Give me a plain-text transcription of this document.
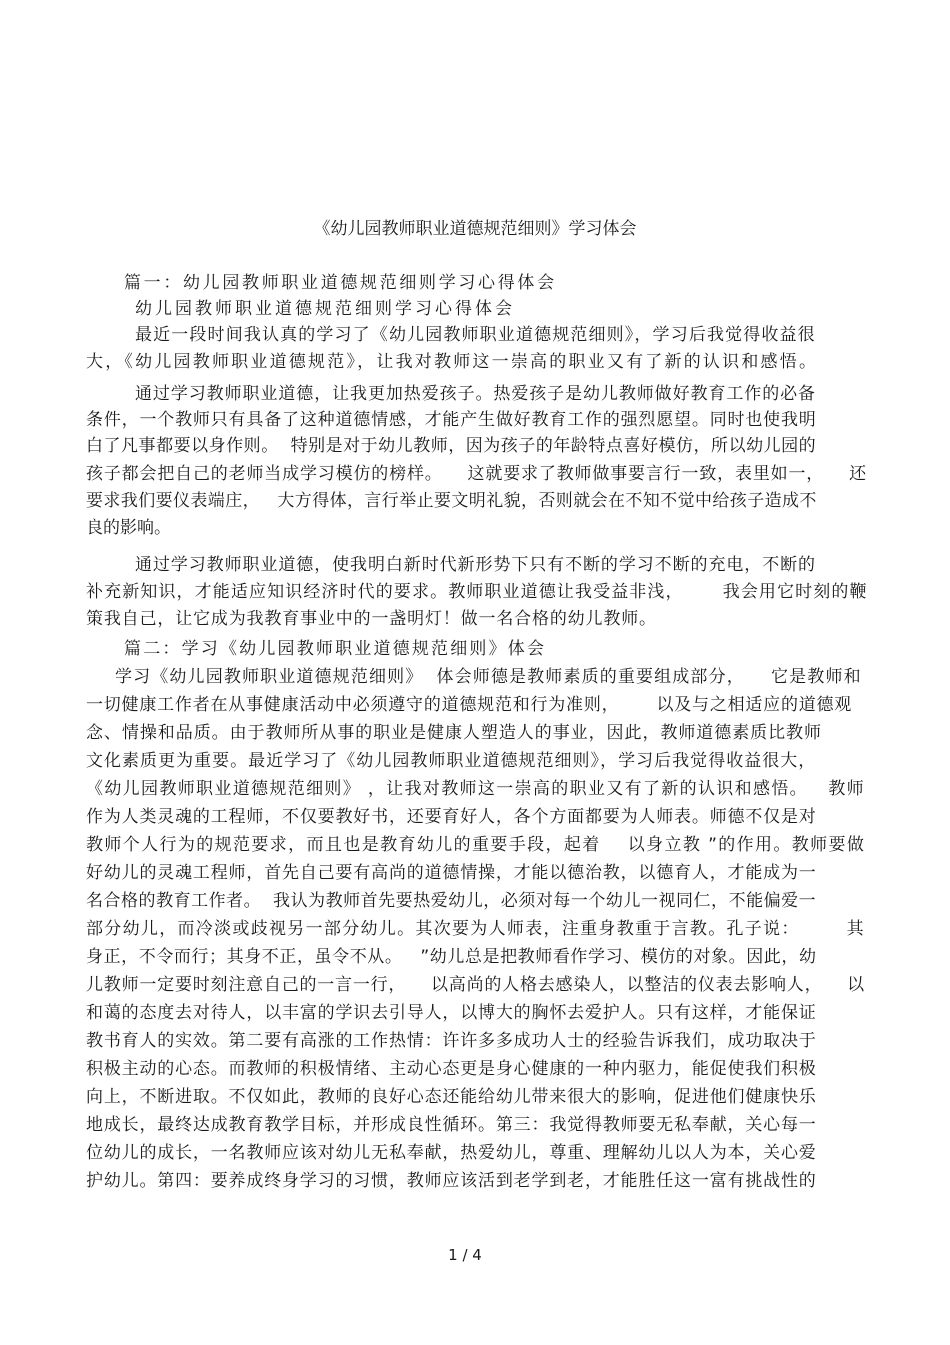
《幼儿园教师职业道德规范细则》学习体会
篇一：幼儿园教师职业道德规范细则学习心得体会
幼儿园教师职业道德规范细则学习心得体会
最近一段时间我认真的学习了《幼儿园教师职业道德规范细则》，学习后我觉得收益很
大，《幼儿园教师职业道德规范》，让我对教师这一崇高的职业又有了新的认识和感悟。
通过学习教师职业道德，让我更加热爱孩子。热爱孩子是幼儿教师做好教育工作的必备
条件，一个教师只有具备了这种道德情感，才能产生做好教育工作的强烈愿望。同时也使我明
白了凡事都要以身作则。  特别是对于幼儿教师，因为孩子的年龄特点喜好模仿，所以幼儿园的
孩子都会把自己的老师当成学习模仿的榜样。    这就要求了教师做事要言行一致，表里如一，    还
要求我们要仪表端庄，   大方得体，言行举止要文明礼貌，否则就会在不知不觉中给孩子造成不
良的影响。
通过学习教师职业道德，使我明白新时代新形势下只有不断的学习不断的充电，不断的
补充新知识，才能适应知识经济时代的要求。教师职业道德让我受益非浅，      我会用它时刻的鞭
策我自己，让它成为我教育事业中的一盏明灯！做一名合格的幼儿教师。
篇二：学习《幼儿园教师职业道德规范细则》体会
学习《幼儿园教师职业道德规范细则》  体会师德是教师素质的重要组成部分，    它是教师和
一切健康工作者在从事健康活动中必须遵守的道德规范和行为准则，      以及与之相适应的道德观
念、情操和品质。由于教师所从事的职业是健康人塑造人的事业，因此，教师道德素质比教师
文化素质更为重要。最近学习了《幼儿园教师职业道德规范细则》，学习后我觉得收益很大，
《幼儿园教师职业道德规范细则》 ，让我对教师这一崇高的职业又有了新的认识和感悟。   教师
作为人类灵魂的工程师，不仅要教好书，还要育好人，各个方面都要为人师表。师德不仅是对
教师个人行为的规范要求，而且也是教育幼儿的重要手段，起着    以身立教 ”的作用。教师要做
好幼儿的灵魂工程师，首先自己要有高尚的道德情操，才能以德治教，以德育人，才能成为一
名合格的教育工作者。  我认为教师首先要热爱幼儿，必须对每一个幼儿一视同仁，不能偏爱一
部分幼儿，而冷淡或歧视另一部分幼儿。其次要为人师表，注重身教重于言教。孔子说：       其
身正，不令而行；其身不正，虽令不从。   ”幼儿总是把教师看作学习、模仿的对象。因此，幼
儿教师一定要时刻注意自己的一言一行，    以高尚的人格去感染人，以整洁的仪表去影响人，    以
和蔼的态度去对待人，以丰富的学识去引导人，以博大的胸怀去爱护人。只有这样，才能保证
教书育人的实效。第二要有高涨的工作热情：许许多多成功人士的经验告诉我们，成功取决于
积极主动的心态。而教师的积极情绪、主动心态更是身心健康的一种内驱力，能促使我们积极
向上，不断进取。不仅如此，教师的良好心态还能给幼儿带来很大的影响，促进他们健康快乐
地成长，最终达成教育教学目标，并形成良性循环。第三：我觉得教师要无私奉献，关心每一
位幼儿的成长，一名教师应该对幼儿无私奉献，热爱幼儿，尊重、理解幼儿以人为本，关心爱
护幼儿。第四：要养成终身学习的习惯，教师应该活到老学到老，才能胜任这一富有挑战性的
1 / 4
